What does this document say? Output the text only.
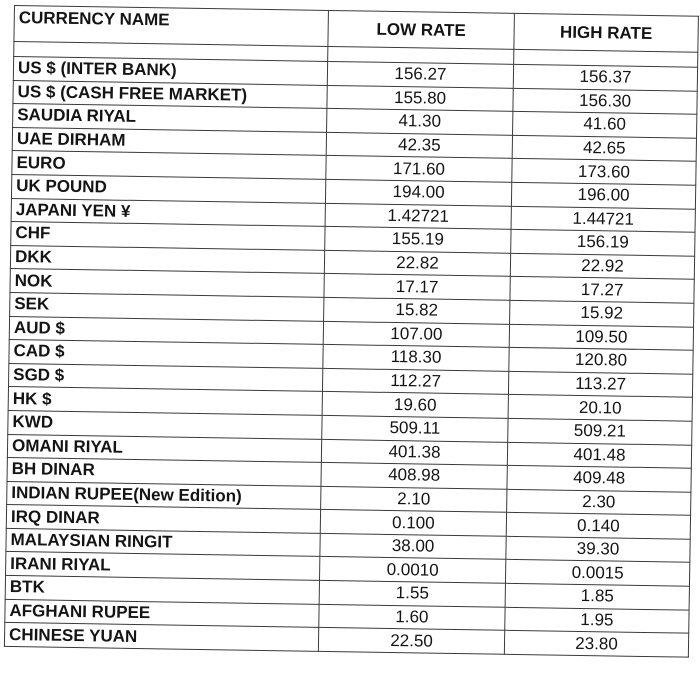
CURRENCY NAME	LOW RATE	HIGH RATE

US $ (INTER BANK)	156.27	156.37
US $ (CASH FREE MARKET)	155.80	156.30
SAUDIA RIYAL	41.30	41.60
UAE DIRHAM	42.35	42.65
EURO	171.60	173.60
UK POUND	194.00	196.00
JAPANI YEN ¥	1.42721	1.44721
CHF	155.19	156.19
DKK	22.82	22.92
NOK	17.17	17.27
SEK	15.82	15.92
AUD $	107.00	109.50
CAD $	118.30	120.80
SGD $	112.27	113.27
HK $	19.60	20.10
KWD	509.11	509.21
OMANI RIYAL	401.38	401.48
BH DINAR	408.98	409.48
INDIAN RUPEE(New Edition)	2.10	2.30
IRQ DINAR	0.100	0.140
MALAYSIAN RINGIT	38.00	39.30
IRANI RIYAL	0.0010	0.0015
BTK	1.55	1.85
AFGHANI RUPEE	1.60	1.95
CHINESE YUAN	22.50	23.80
